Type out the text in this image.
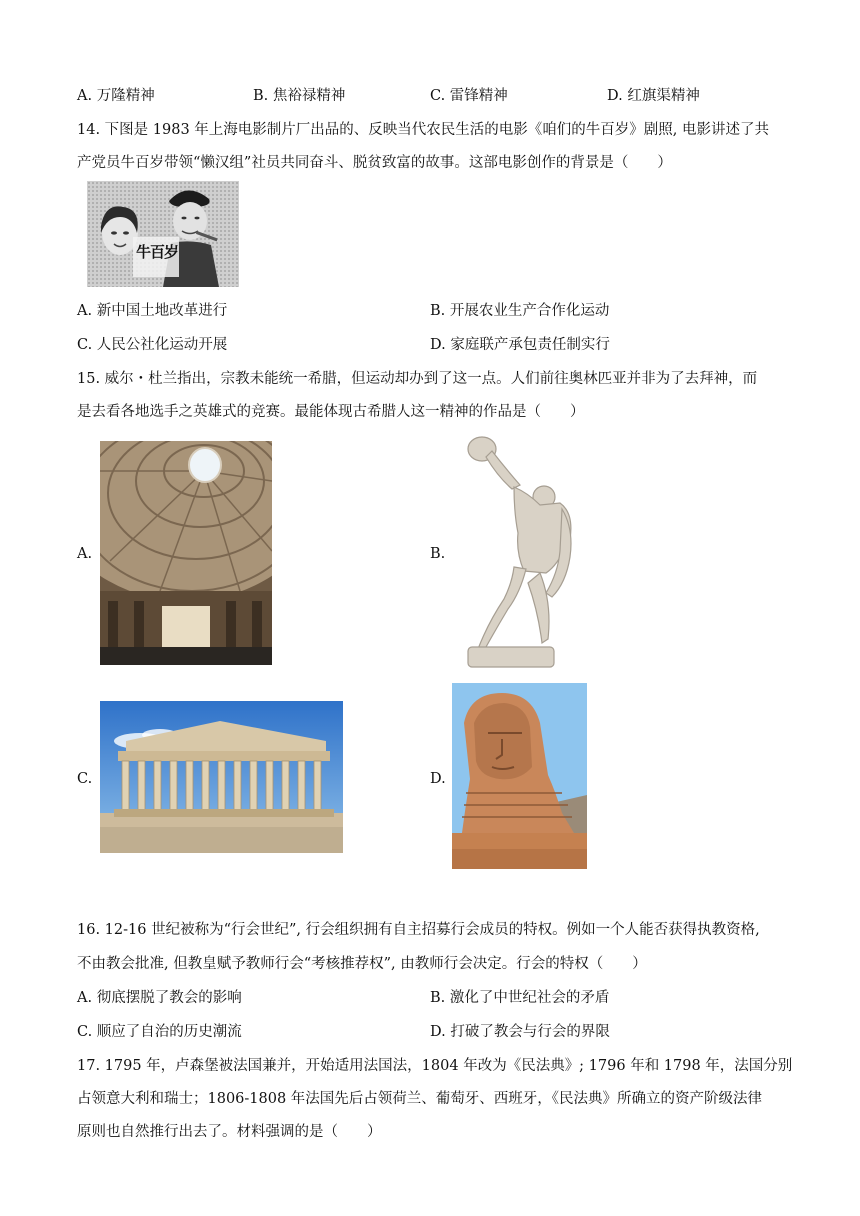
A. 万隆精神	B. 焦裕禄精神	C. 雷锋精神	D. 红旗渠精神
14. 下图是 1983 年上海电影制片厂出品的、反映当代农民生活的电影《咱们的牛百岁》剧照, 电影讲述了共
产党员牛百岁带领“懒汉组”社员共同奋斗、脱贫致富的故事。这部电影创作的背景是（　　）
牛百岁
A. 新中国土地改革进行	B. 开展农业生产合作化运动
C. 人民公社化运动开展	D. 家庭联产承包责任制实行
15. 威尔・杜兰指出，宗教未能统一希腊，但运动却办到了这一点。人们前往奥林匹亚并非为了去拜神，而
是去看各地选手之英雄式的竞赛。最能体现古希腊人这一精神的作品是（　　）
A.	B.
C.	D.
16. 12-16 世纪被称为“行会世纪”, 行会组织拥有自主招募行会成员的特权。例如一个人能否获得执教资格,
不由教会批准, 但教皇赋予教师行会“考核推荐权”, 由教师行会决定。行会的特权（　　）
A. 彻底摆脱了教会的影响	B. 激化了中世纪社会的矛盾
C. 顺应了自治的历史潮流	D. 打破了教会与行会的界限
17. 1795 年，卢森堡被法国兼并，开始适用法国法，1804 年改为《民法典》; 1796 年和 1798 年，法国分别
占领意大利和瑞士；1806-1808 年法国先后占领荷兰、葡萄牙、西班牙，《民法典》所确立的资产阶级法律
原则也自然推行出去了。材料强调的是（　　）
